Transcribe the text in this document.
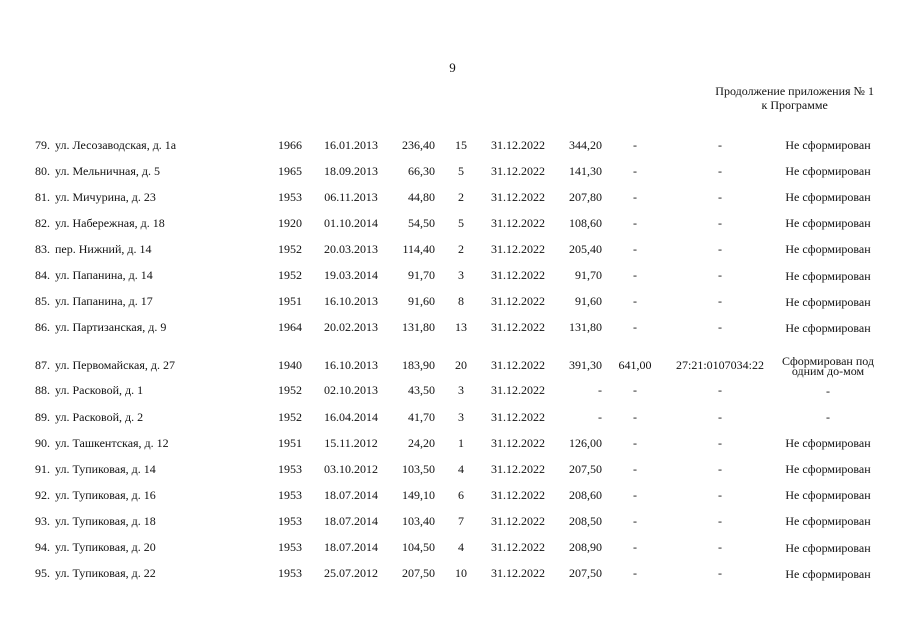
9
Продолжение приложения № 1
к Программе
79. ул. Лесозаводская, д. 1а	1966	16.01.2013	236,40	15	31.12.2022	344,20	-	-	Не сформирован
80. ул. Мельничная, д. 5	1965	18.09.2013	66,30	5	31.12.2022	141,30	-	-	Не сформирован
81. ул. Мичурина, д. 23	1953	06.11.2013	44,80	2	31.12.2022	207,80	-	-	Не сформирован
82. ул. Набережная, д. 18	1920	01.10.2014	54,50	5	31.12.2022	108,60	-	-	Не сформирован
83. пер. Нижний, д. 14	1952	20.03.2013	114,40	2	31.12.2022	205,40	-	-	Не сформирован
84. ул. Папанина, д. 14	1952	19.03.2014	91,70	3	31.12.2022	91,70	-	-	Не сформирован
85. ул. Папанина, д. 17	1951	16.10.2013	91,60	8	31.12.2022	91,60	-	-	Не сформирован
86. ул. Партизанская, д. 9	1964	20.02.2013	131,80	13	31.12.2022	131,80	-	-	Не сформирован
87. ул. Первомайская, д. 27	1940	16.10.2013	183,90	20	31.12.2022	391,30	641,00	27:21:0107034:22	Сформирован под одним до-мом
88. ул. Расковой, д. 1	1952	02.10.2013	43,50	3	31.12.2022	-	-	-	-
89. ул. Расковой, д. 2	1952	16.04.2014	41,70	3	31.12.2022	-	-	-	-
90. ул. Ташкентская, д. 12	1951	15.11.2012	24,20	1	31.12.2022	126,00	-	-	Не сформирован
91. ул. Тупиковая, д. 14	1953	03.10.2012	103,50	4	31.12.2022	207,50	-	-	Не сформирован
92. ул. Тупиковая, д. 16	1953	18.07.2014	149,10	6	31.12.2022	208,60	-	-	Не сформирован
93. ул. Тупиковая, д. 18	1953	18.07.2014	103,40	7	31.12.2022	208,50	-	-	Не сформирован
94. ул. Тупиковая, д. 20	1953	18.07.2014	104,50	4	31.12.2022	208,90	-	-	Не сформирован
95. ул. Тупиковая, д. 22	1953	25.07.2012	207,50	10	31.12.2022	207,50	-	-	Не сформирован
